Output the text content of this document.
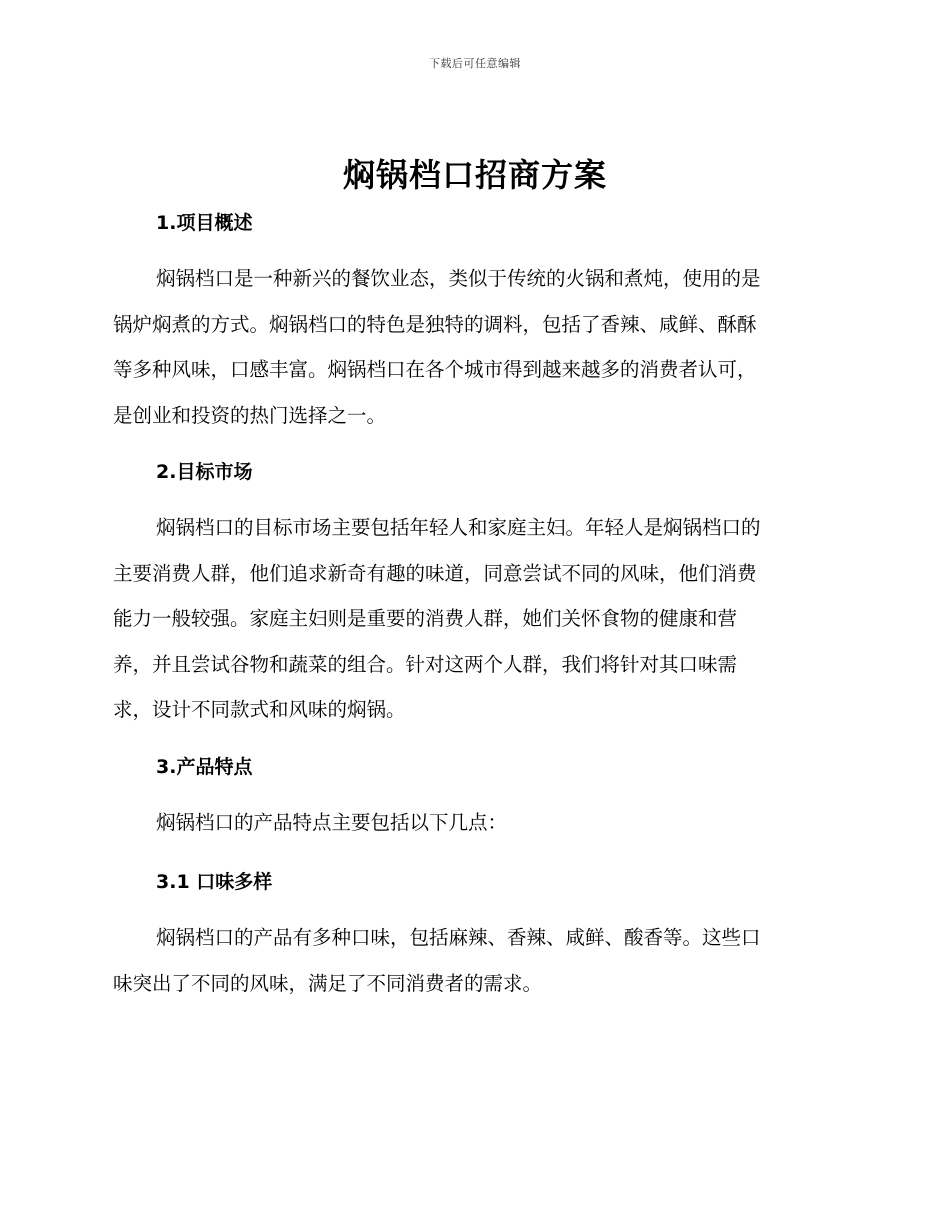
下载后可任意编辑
焖锅档口招商方案
1.项目概述
焖锅档口是一种新兴的餐饮业态，类似于传统的火锅和煮炖，使用的是
锅炉焖煮的方式。焖锅档口的特色是独特的调料，包括了香辣、咸鲜、酥酥
等多种风味，口感丰富。焖锅档口在各个城市得到越来越多的消费者认可，
是创业和投资的热门选择之一。
2.目标市场
焖锅档口的目标市场主要包括年轻人和家庭主妇。年轻人是焖锅档口的
主要消费人群，他们追求新奇有趣的味道，同意尝试不同的风味，他们消费
能力一般较强。家庭主妇则是重要的消费人群，她们关怀食物的健康和营
养，并且尝试谷物和蔬菜的组合。针对这两个人群，我们将针对其口味需
求，设计不同款式和风味的焖锅。
3.产品特点
焖锅档口的产品特点主要包括以下几点：
3.1 口味多样
焖锅档口的产品有多种口味，包括麻辣、香辣、咸鲜、酸香等。这些口
味突出了不同的风味，满足了不同消费者的需求。
